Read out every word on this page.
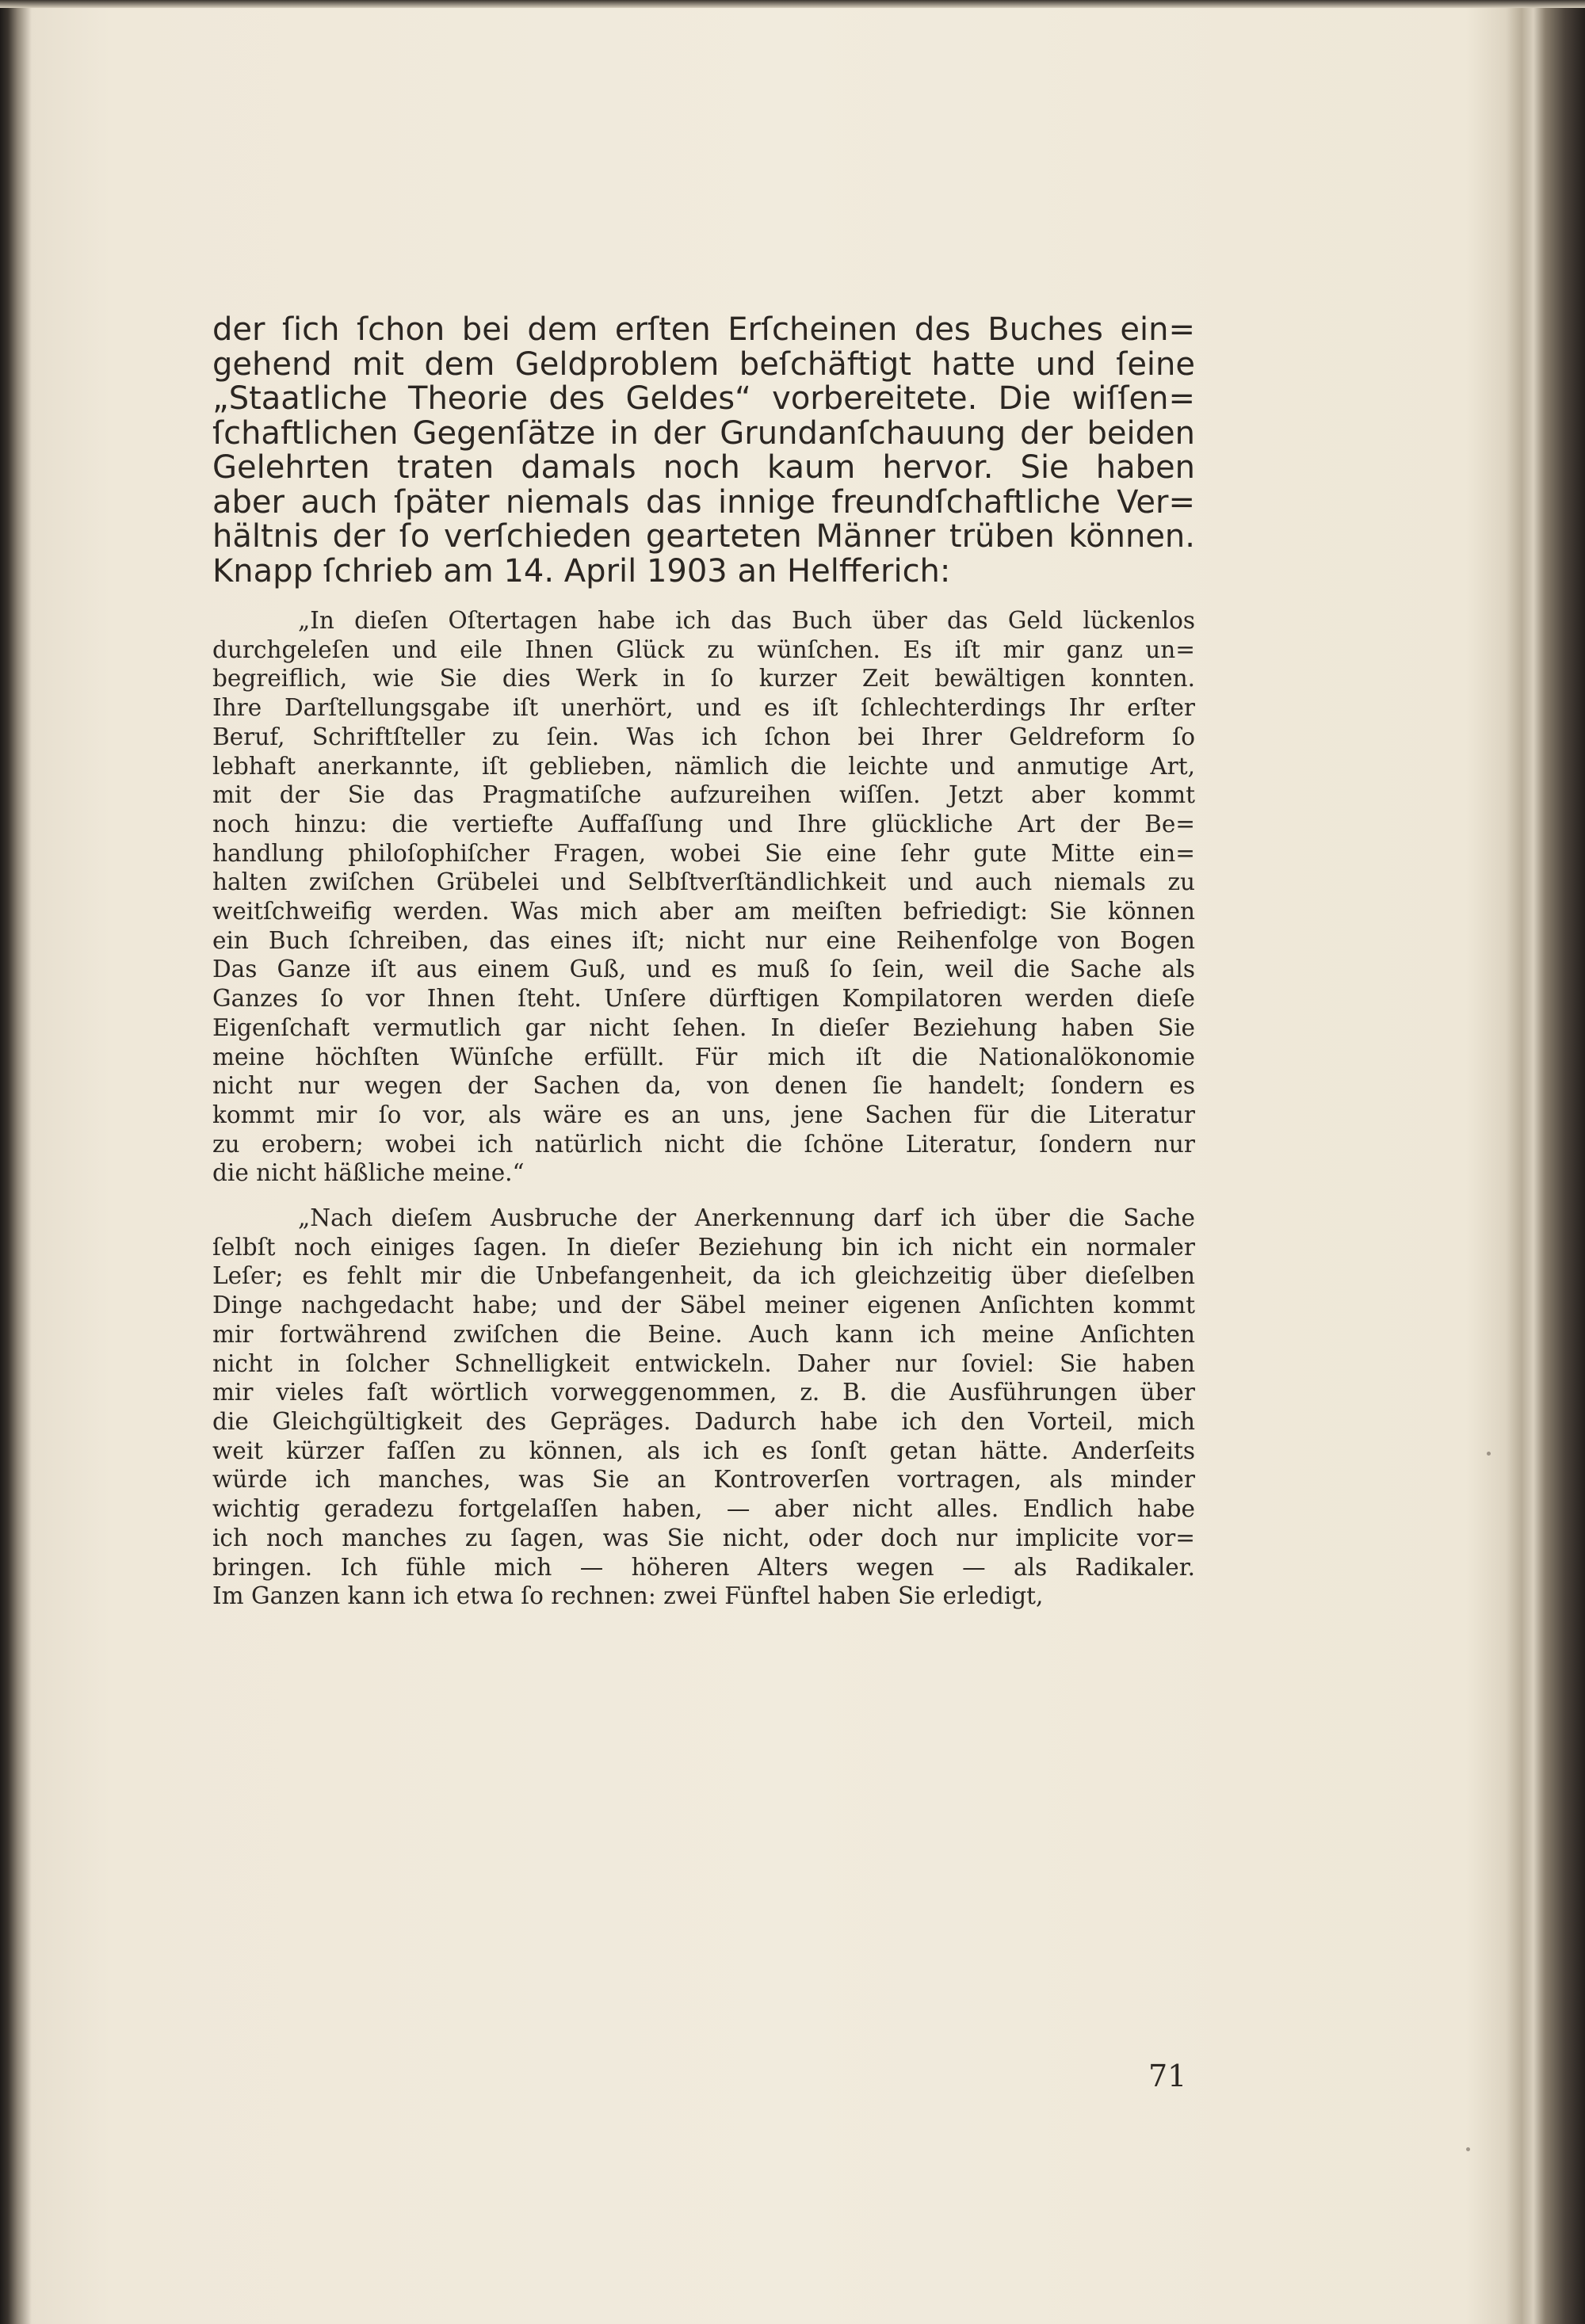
der ſich ſchon bei dem erſten Erſcheinen des Buches ein=
gehend mit dem Geldproblem beſchäftigt hatte und ſeine
„Staatliche Theorie des Geldes“ vorbereitete. Die wiſſen=
ſchaftlichen Gegenſätze in der Grundanſchauung der beiden
Gelehrten traten damals noch kaum hervor. Sie haben
aber auch ſpäter niemals das innige freundſchaftliche Ver=
hältnis der ſo verſchieden gearteten Männer trüben können.
Knapp ſchrieb am 14. April 1903 an Helfferich:

„In dieſen Oſtertagen habe ich das Buch über das Geld lückenlos
durchgeleſen und eile Ihnen Glück zu wünſchen. Es iſt mir ganz un=
begreiflich, wie Sie dies Werk in ſo kurzer Zeit bewältigen konnten.
Ihre Darſtellungsgabe iſt unerhört, und es iſt ſchlechterdings Ihr erſter
Beruf, Schriftſteller zu ſein. Was ich ſchon bei Ihrer Geldreform ſo
lebhaft anerkannte, iſt geblieben, nämlich die leichte und anmutige Art,
mit der Sie das Pragmatiſche aufzureihen wiſſen. Jetzt aber kommt
noch hinzu: die vertiefte Auffaſſung und Ihre glückliche Art der Be=
handlung philoſophiſcher Fragen, wobei Sie eine ſehr gute Mitte ein=
halten zwiſchen Grübelei und Selbſtverſtändlichkeit und auch niemals zu
weitſchweifig werden. Was mich aber am meiſten befriedigt: Sie können
ein Buch ſchreiben, das eines iſt; nicht nur eine Reihenfolge von Bogen
Das Ganze iſt aus einem Guß, und es muß ſo ſein, weil die Sache als
Ganzes ſo vor Ihnen ſteht. Unſere dürftigen Kompilatoren werden dieſe
Eigenſchaft vermutlich gar nicht ſehen. In dieſer Beziehung haben Sie
meine höchſten Wünſche erfüllt. Für mich iſt die Nationalökonomie
nicht nur wegen der Sachen da, von denen ſie handelt; ſondern es
kommt mir ſo vor, als wäre es an uns, jene Sachen für die Literatur
zu erobern; wobei ich natürlich nicht die ſchöne Literatur, ſondern nur
die nicht häßliche meine.“

„Nach dieſem Ausbruche der Anerkennung darf ich über die Sache
ſelbſt noch einiges ſagen. In dieſer Beziehung bin ich nicht ein normaler
Leſer; es fehlt mir die Unbefangenheit, da ich gleichzeitig über dieſelben
Dinge nachgedacht habe; und der Säbel meiner eigenen Anſichten kommt
mir fortwährend zwiſchen die Beine. Auch kann ich meine Anſichten
nicht in ſolcher Schnelligkeit entwickeln. Daher nur ſoviel: Sie haben
mir vieles faſt wörtlich vorweggenommen, z. B. die Ausführungen über
die Gleichgültigkeit des Gepräges. Dadurch habe ich den Vorteil, mich
weit kürzer faſſen zu können, als ich es ſonſt getan hätte. Anderſeits
würde ich manches, was Sie an Kontroverſen vortragen, als minder
wichtig geradezu fortgelaſſen haben, — aber nicht alles. Endlich habe
ich noch manches zu ſagen, was Sie nicht, oder doch nur implicite vor=
bringen. Ich fühle mich — höheren Alters wegen — als Radikaler.
Im Ganzen kann ich etwa ſo rechnen: zwei Fünftel haben Sie erledigt,

71
